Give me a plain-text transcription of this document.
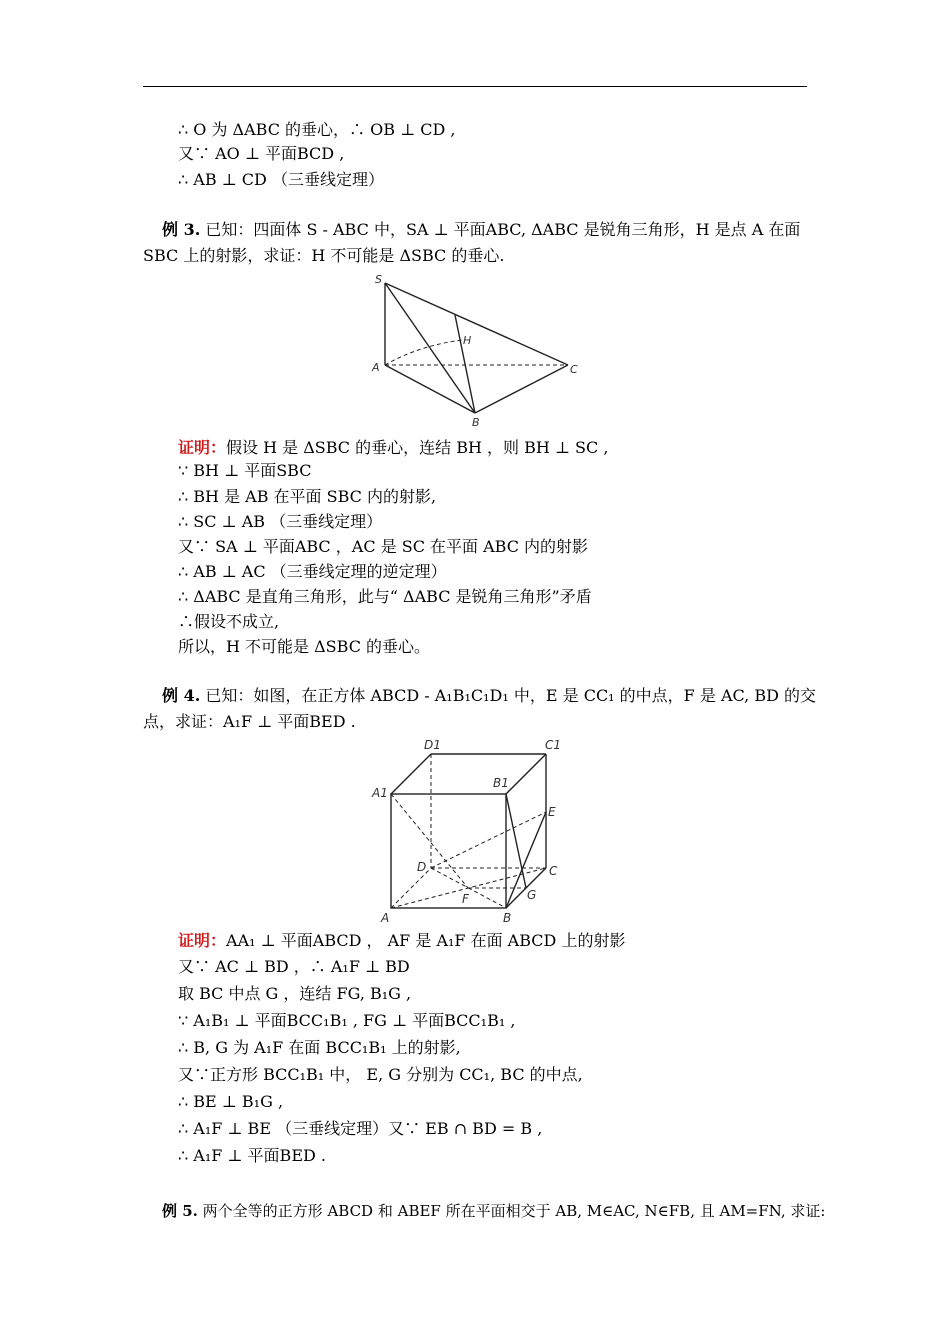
∴ O 为 ΔABC 的垂心，∴ OB ⊥ CD ,
又∵ AO ⊥ 平面BCD ,
∴ AB ⊥ CD （三垂线定理）
例 3. 已知：四面体 S - ABC 中，SA ⊥ 平面ABC, ΔABC 是锐角三角形，H 是点 A 在面
SBC 上的射影，求证：H 不可能是 ΔSBC 的垂心.
S
H
A	C
B
证明：假设 H 是 ΔSBC 的垂心，连结 BH ，则 BH ⊥ SC ,
∵ BH ⊥ 平面SBC
∴ BH 是 AB 在平面 SBC 内的射影,
∴ SC ⊥ AB （三垂线定理）
又∵ SA ⊥ 平面ABC ，AC 是 SC 在平面 ABC 内的射影
∴ AB ⊥ AC （三垂线定理的逆定理）
∴ ΔABC 是直角三角形，此与“ ΔABC 是锐角三角形”矛盾
∴假设不成立,
所以，H 不可能是 ΔSBC 的垂心。
例 4. 已知：如图，在正方体 ABCD - A₁B₁C₁D₁ 中，E 是 CC₁ 的中点，F 是 AC, BD 的交
点，求证：A₁F ⊥ 平面BED .
D1	C1
A1
B1
E
D	C
F	G
A	B
证明：AA₁ ⊥ 平面ABCD ， AF 是 A₁F 在面 ABCD 上的射影
又∵ AC ⊥ BD ，∴ A₁F ⊥ BD
取 BC 中点 G ，连结 FG, B₁G ,
∵ A₁B₁ ⊥ 平面BCC₁B₁ , FG ⊥ 平面BCC₁B₁ ,
∴ B, G 为 A₁F 在面 BCC₁B₁ 上的射影,
又∵正方形 BCC₁B₁ 中， E, G 分别为 CC₁, BC 的中点,
∴ BE ⊥ B₁G ,
∴ A₁F ⊥ BE （三垂线定理）又∵ EB ∩ BD = B ,
∴ A₁F ⊥ 平面BED .
例 5. 两个全等的正方形 ABCD 和 ABEF 所在平面相交于 AB, M∈AC, N∈FB, 且 AM=FN, 求证:
